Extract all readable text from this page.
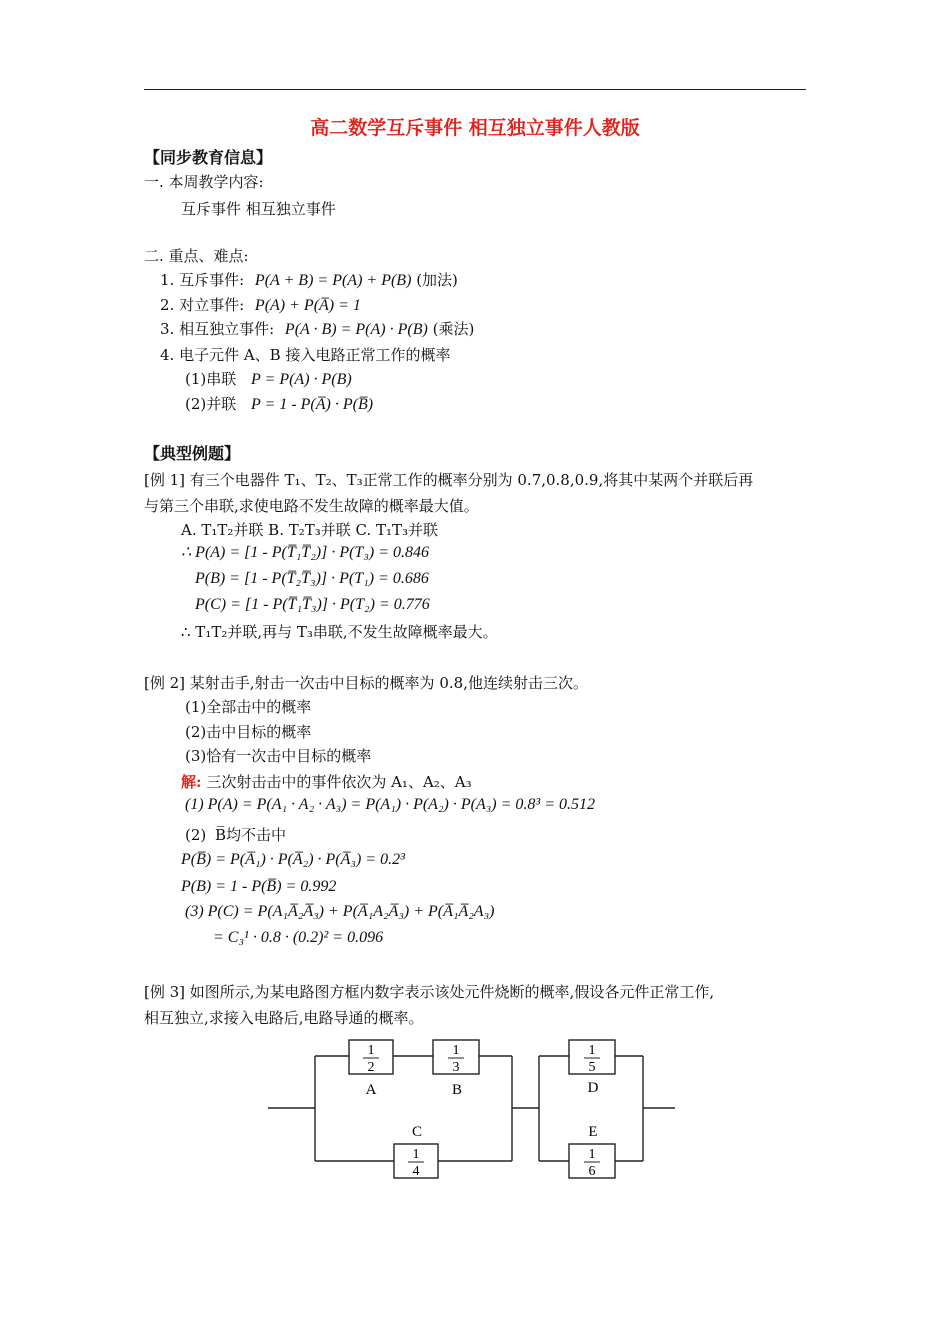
高二数学互斥事件 相互独立事件人教版
【同步教育信息】
一. 本周教学内容:
互斥事件 相互独立事件
二. 重点、难点:
1. 互斥事件: P(A + B) = P(A) + P(B) (加法)
2. 对立事件: P(A) + P(A̅) = 1
3. 相互独立事件: P(A · B) = P(A) · P(B) (乘法)
4. 电子元件 A、B 接入电路正常工作的概率
(1)串联 P = P(A) · P(B)
(2)并联 P = 1 - P(A̅) · P(B̅)
【典型例题】
[例 1] 有三个电器件 T₁、T₂、T₃正常工作的概率分别为 0.7,0.8,0.9,将其中某两个并联后再
与第三个串联,求使电路不发生故障的概率最大值。
A. T₁T₂并联 B. T₂T₃并联 C. T₁T₃并联
∴ P(A) = [1 - P(T̅₁T̅₂)] · P(T₃) = 0.846
P(B) = [1 - P(T̅₂T̅₃)] · P(T₁) = 0.686
P(C) = [1 - P(T̅₁T̅₃)] · P(T₂) = 0.776
∴ T₁T₂并联,再与 T₃串联,不发生故障概率最大。
[例 2] 某射击手,射击一次击中目标的概率为 0.8,他连续射击三次。
(1)全部击中的概率
(2)击中目标的概率
(3)恰有一次击中目标的概率
解: 三次射击击中的事件依次为 A₁、A₂、A₃
(1) P(A) = P(A₁ · A₂ · A₃) = P(A₁) · P(A₂) · P(A₃) = 0.8³ = 0.512
(2) B̅均不击中
P(B̅) = P(A̅₁) · P(A̅₂) · P(A̅₃) = 0.2³
P(B) = 1 - P(B̅) = 0.992
(3) P(C) = P(A₁A̅₂A̅₃) + P(A̅₁A₂A̅₃) + P(A̅₁A̅₂A₃)
= C₃¹ · 0.8 · (0.2)² = 0.096
[例 3] 如图所示,为某电路图方框内数字表示该处元件烧断的概率,假设各元件正常工作,
相互独立,求接入电路后,电路导通的概率。
1
2
A
1
3
B
C
1
4
1
5
D
E
1
6
